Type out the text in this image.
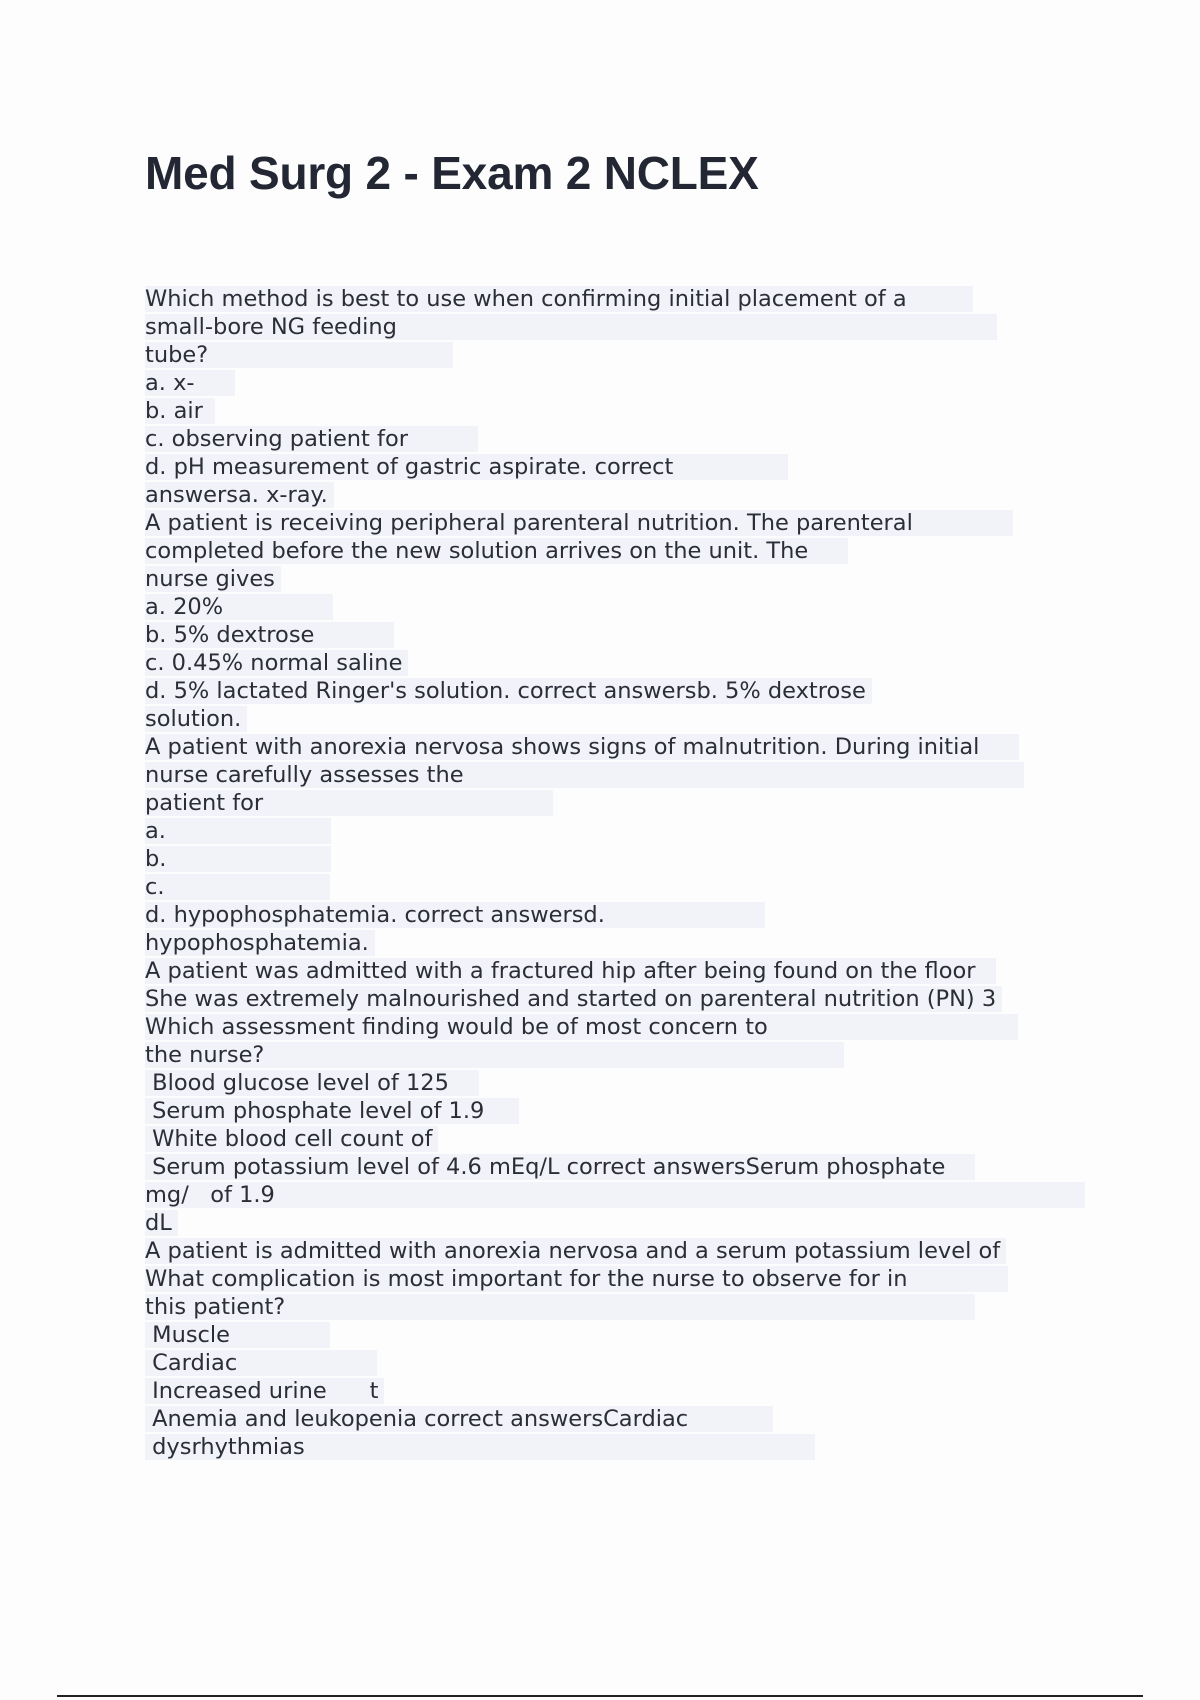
Med Surg 2 - Exam 2 NCLEX
Which method is best to use when confirming initial placement of a
small-bore NG feeding
tube?
a. x-
b. air
c. observing patient for
d. pH measurement of gastric aspirate. correct
answersa. x-ray.
A patient is receiving peripheral parenteral nutrition. The parenteral
completed before the new solution arrives on the unit. The
nurse gives
a. 20%
b. 5% dextrose
c. 0.45% normal saline
d. 5% lactated Ringer's solution. correct answersb. 5% dextrose
solution.
A patient with anorexia nervosa shows signs of malnutrition. During initial
nurse carefully assesses the
patient for
a.
b.
c.
d. hypophosphatemia. correct answersd.
hypophosphatemia.
A patient was admitted with a fractured hip after being found on the floor
She was extremely malnourished and started on parenteral nutrition (PN) 3
Which assessment finding would be of most concern to
the nurse?
Blood glucose level of 125
Serum phosphate level of 1.9
White blood cell count of
Serum potassium level of 4.6 mEq/L correct answersSerum phosphate
mg/   of 1.9
dL
A patient is admitted with anorexia nervosa and a serum potassium level of
What complication is most important for the nurse to observe for in
this patient?
Muscle
Cardiac
Increased urine      t
Anemia and leukopenia correct answersCardiac
dysrhythmias
